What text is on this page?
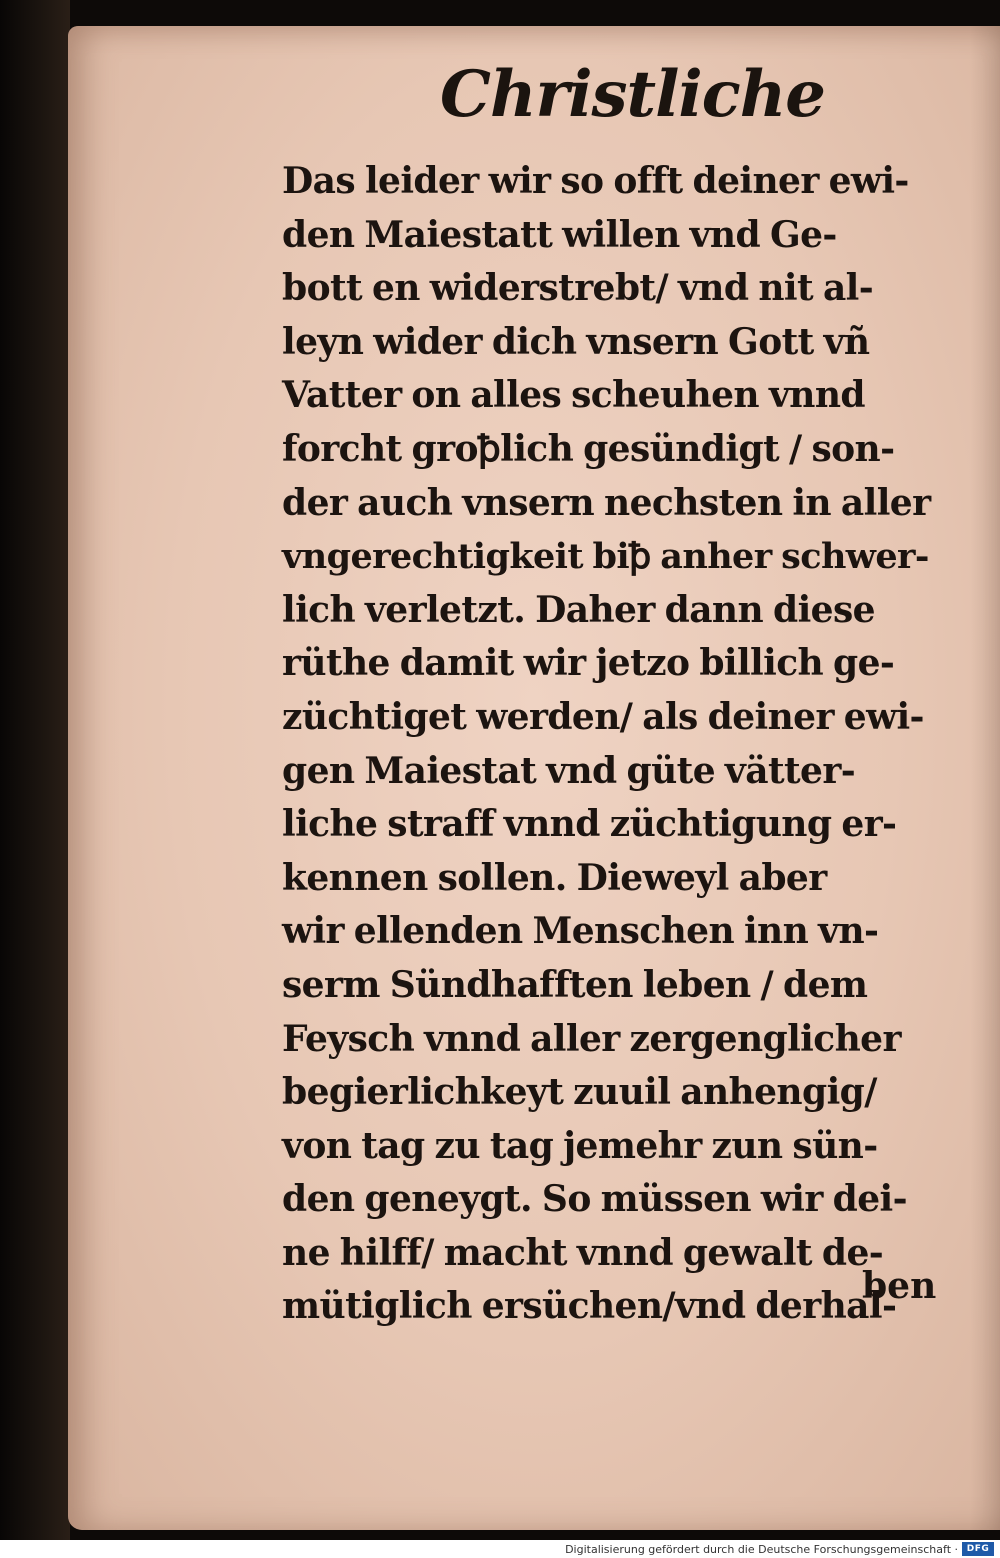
Christliche
Das leider wir so offt deiner ewi-
den Maiestatt willen vnd Ge-
bott en widerstrebt/ vnd nit al-
leyn wider dich vnsern Gott vñ
Vatter on alles scheuhen vnnd
forcht groꝥlich gesündigt / son-
der auch vnsern nechsten in aller
vngerechtigkeit biꝥ anher schwer-
lich verletzt. Daher dann diese
rüthe damit wir jetzo billich ge-
züchtiget werden/ als deiner ewi-
gen Maiestat vnd güte vätter-
liche straff vnnd züchtigung er-
kennen sollen. Dieweyl aber
wir ellenden Menschen inn vn-
serm Sündhafften leben / dem
Feysch vnnd aller zergenglicher
begierlichkeyt zuuil anhengig/
von tag zu tag jemehr zun sün-
den geneygt. So müssen wir dei-
ne hilff/ macht vnnd gewalt de-
mütiglich ersüchen/vnd derhal-
ben
Digitalisierung gefördert durch die Deutsche Forschungsgemeinschaft · DFG
